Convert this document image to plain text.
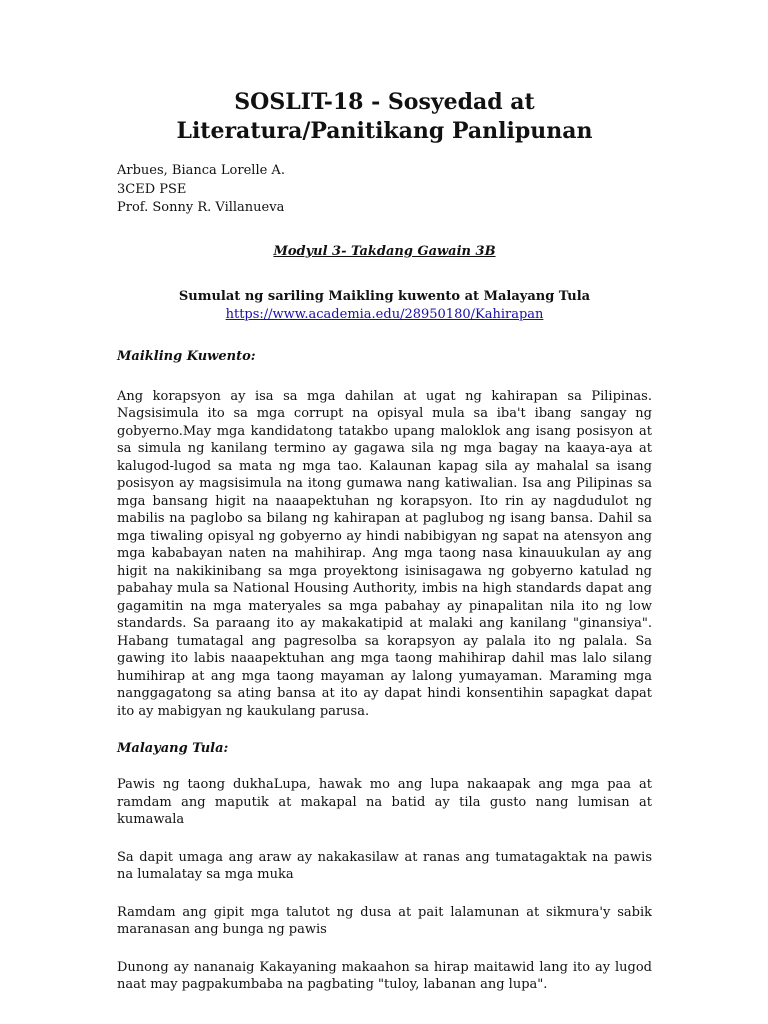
SOSLIT-18 - Sosyedad at Literatura/Panitikang Panlipunan
Arbues, Bianca Lorelle A.
3CED PSE
Prof. Sonny R. Villanueva
Modyul 3- Takdang Gawain 3B
Sumulat ng sariling Maikling kuwento at Malayang Tula
https://www.academia.edu/28950180/Kahirapan
Maikling Kuwento:

Ang korapsyon ay isa sa mga dahilan at ugat ng kahirapan sa Pilipinas. Nagsisimula ito sa mga corrupt na opisyal mula sa iba't ibang sangay ng gobyerno.May mga kandidatong tatakbo upang maloklok ang isang posisyon at sa simula ng kanilang termino ay gagawa sila ng mga bagay na kaaya-aya at kalugod-lugod sa mata ng mga tao. Kalaunan kapag sila ay mahalal sa isang posisyon ay magsisimula na itong gumawa nang katiwalian. Isa ang Pilipinas sa mga bansang higit na naaapektuhan ng korapsyon. Ito rin ay nagdudulot ng mabilis na paglobo sa bilang ng kahirapan at paglubog ng isang bansa. Dahil sa mga tiwaling opisyal ng gobyerno ay hindi nabibigyan ng sapat na atensyon ang mga kababayan naten na mahihirap. Ang mga taong nasa kinauukulan ay ang higit na nakikinibang sa mga proyektong isinisagawa ng gobyerno katulad ng pabahay mula sa National Housing Authority, imbis na high standards dapat ang gagamitin na mga materyales sa mga pabahay ay pinapalitan nila ito ng low standards. Sa paraang ito ay makakatipid at malaki ang kanilang "ginansiya". Habang tumatagal ang pagresolba sa korapsyon ay palala ito ng palala. Sa gawing ito labis naaapektuhan ang mga taong mahihirap dahil mas lalo silang humihirap at ang mga taong mayaman ay lalong yumayaman. Maraming mga nanggagatong sa ating bansa at ito ay dapat hindi konsentihin sapagkat dapat ito ay mabigyan ng kaukulang parusa.

Malayang Tula:

Pawis ng taong dukhaLupa, hawak mo ang lupa nakaapak ang mga paa at ramdam ang maputik at makapal na batid ay tila gusto nang lumisan at kumawala

Sa dapit umaga ang araw ay nakakasilaw at ranas ang tumatagaktak na pawis na lumalatay sa mga muka

Ramdam ang gipit mga talutot ng dusa at pait lalamunan at sikmura'y sabik maranasan ang bunga ng pawis

Dunong ay nananaig Kakayaning makaahon sa hirap maitawid lang ito ay lugod naat may pagpakumbaba na pagbating "tuloy, labanan ang lupa".
